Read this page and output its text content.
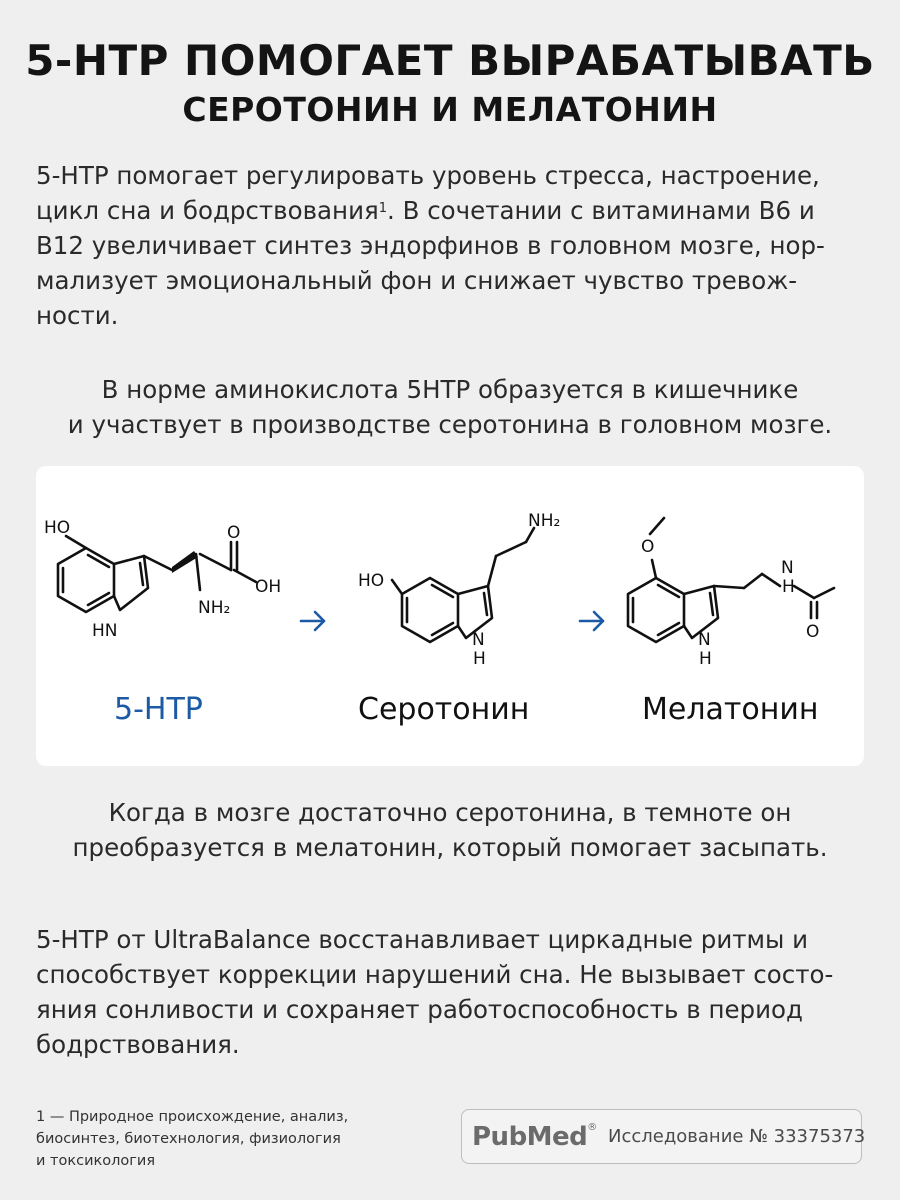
5-HTP ПОМОГАЕТ ВЫРАБАТЫВАТЬ
СЕРОТОНИН И МЕЛАТОНИН

5-HTP помогает регулировать уровень стресса, настроение,
цикл сна и бодрствования$^1$. В сочетании с витаминами В6 и
В12 увеличивает синтез эндорфинов в головном мозге, нор-
мализует эмоциональный фон и снижает чувство тревож-
ности.

В норме аминокислота 5HTP образуется в кишечнике
и участвует в производстве серотонина в головном мозге.

HO	O
OH
HN
NH₂
5-HTP
HO
NH₂
N
H
Серотонин
O
N
H
O
N
H
Мелатонин

Когда в мозге достаточно серотонина, в темноте он
преобразуется в мелатонин, который помогает засыпать.

5-HTP от UltraBalance восстанавливает циркадные ритмы и
способствует коррекции нарушений сна. Не вызывает состо-
яния сонливости и сохраняет работоспособность в период
бодрствования.

1 — Природное происхождение, анализ,
биосинтез, биотехнология, физиология
и токсикология

PubMed® Исследование № 33375373
